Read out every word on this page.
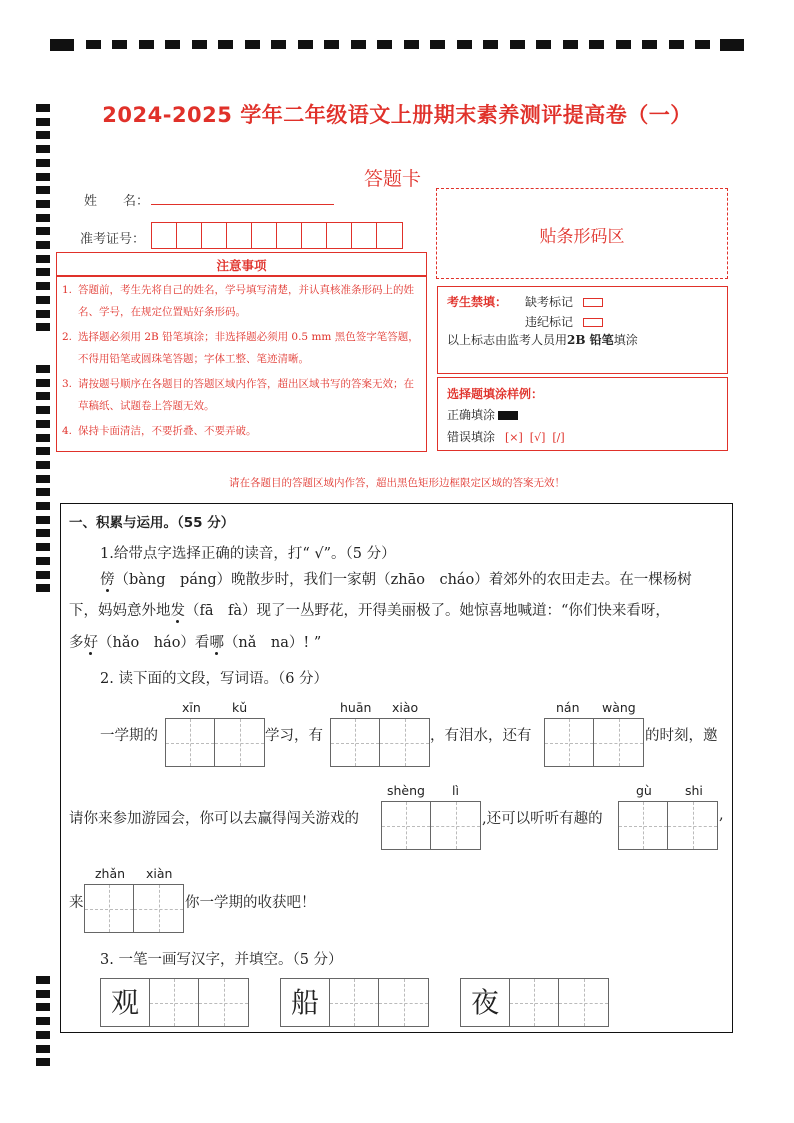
2024-2025 学年二年级语文上册期末素养测评提高卷（一）
答题卡
姓　　名：
准考证号：	贴条形码区
注意事项
1. 答题前，考生先将自己的姓名，学号填写清楚，并认真核准条形码上的姓名、学号，在规定位置贴好条形码。
2. 选择题必须用 2B 铅笔填涂；非选择题必须用 0.5 mm 黑色签字笔答题，不得用铅笔或圆珠笔答题；字体工整、笔迹清晰。
3. 请按题号顺序在各题目的答题区域内作答，超出区域书写的答案无效；在草稿纸、试题卷上答题无效。
4. 保持卡面清洁，不要折叠、不要弄破。
考生禁填： 缺考标记
违纪标记
以上标志由监考人员用2B 铅笔填涂
选择题填涂样例：
正确填涂
错误填涂 [×]  [√]  [/]
请在各题目的答题区域内作答，超出黑色矩形边框限定区域的答案无效！
一、积累与运用。（55 分）
1.给带点字选择正确的读音，打“ √”。（5 分）
傍（bàng　páng）晚散步时，我们一家朝（zhāo　cháo）着郊外的农田走去。在一棵杨树
下，妈妈意外地发（fā　fà）现了一丛野花，开得美丽极了。她惊喜地喊道：“你们快来看呀，
多好（hǎo　háo）看哪（nǎ　na）! ”
2. 读下面的文段，写词语。（6 分）
xīn kǔ
一学期的	学习，有
huān xiào
，有泪水，还有
nán wàng
的时刻，邀
shèng lì
请你来参加游园会，你可以去赢得闯关游戏的	,还可以听听有趣的
gù	shi
,
zhǎn xiàn
来	你一学期的收获吧！
3. 一笔一画写汉字，并填空。（5 分）
观	船	夜
